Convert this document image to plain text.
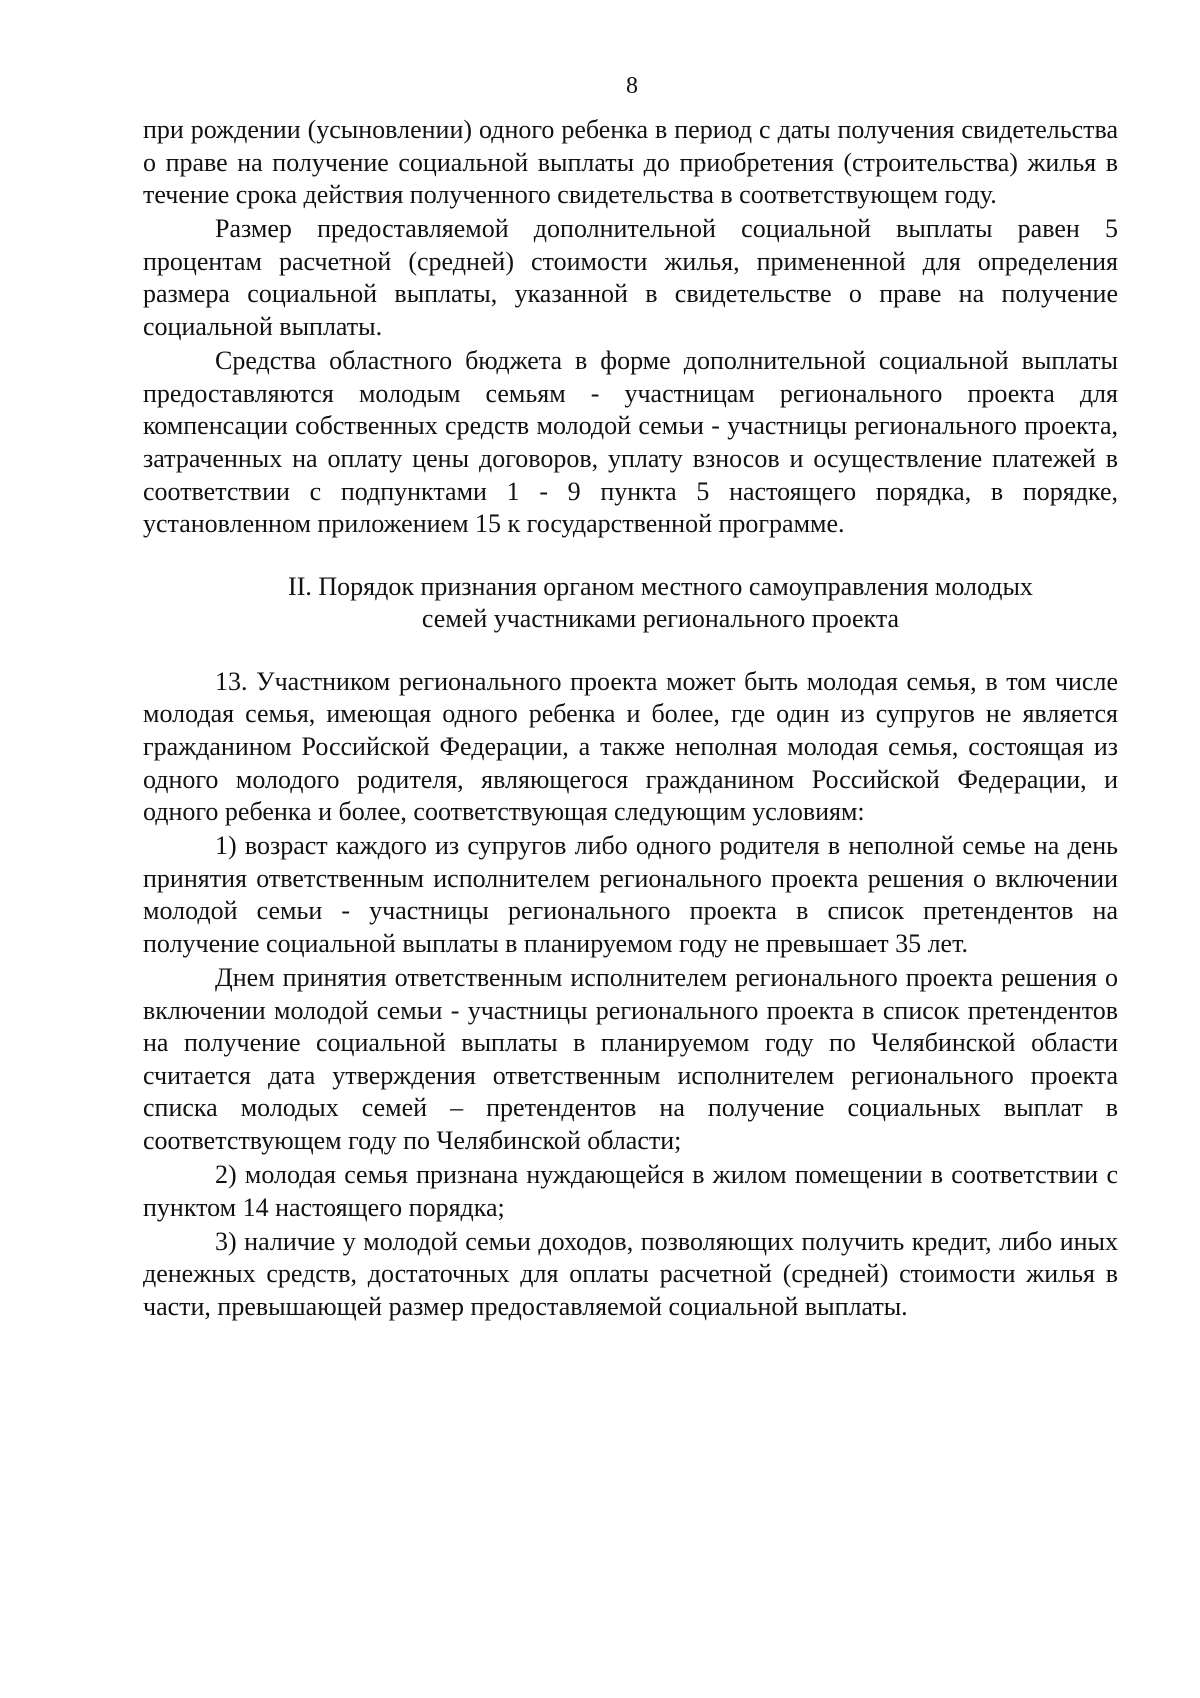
8

при рождении (усыновлении) одного ребенка в период с даты получения свидетельства о праве на получение социальной выплаты до приобретения (строительства) жилья в течение срока действия полученного свидетельства в соответствующем году.

Размер предоставляемой дополнительной социальной выплаты равен 5 процентам расчетной (средней) стоимости жилья, примененной для определения размера социальной выплаты, указанной в свидетельстве о праве на получение социальной выплаты.

Средства областного бюджета в форме дополнительной социальной выплаты предоставляются молодым семьям - участницам регионального проекта для компенсации собственных средств молодой семьи - участницы регионального проекта, затраченных на оплату цены договоров, уплату взносов и осуществление платежей в соответствии с подпунктами 1 - 9 пункта 5 настоящего порядка, в порядке, установленном приложением 15 к государственной программе.

II. Порядок признания органом местного самоуправления молодых
семей участниками регионального проекта

13. Участником регионального проекта может быть молодая семья, в том числе молодая семья, имеющая одного ребенка и более, где один из супругов не является гражданином Российской Федерации, а также неполная молодая семья, состоящая из одного молодого родителя, являющегося гражданином Российской Федерации, и одного ребенка и более, соответствующая следующим условиям:

1) возраст каждого из супругов либо одного родителя в неполной семье на день принятия ответственным исполнителем регионального проекта решения о включении молодой семьи - участницы регионального проекта в список претендентов на получение социальной выплаты в планируемом году не превышает 35 лет.

Днем принятия ответственным исполнителем регионального проекта решения о включении молодой семьи - участницы регионального проекта в список претендентов на получение социальной выплаты в планируемом году по Челябинской области считается дата утверждения ответственным исполнителем регионального проекта списка молодых семей – претендентов на получение социальных выплат в соответствующем году по Челябинской области;

2) молодая семья признана нуждающейся в жилом помещении в соответствии с пунктом 14 настоящего порядка;

3) наличие у молодой семьи доходов, позволяющих получить кредит, либо иных денежных средств, достаточных для оплаты расчетной (средней) стоимости жилья в части, превышающей размер предоставляемой социальной выплаты.
